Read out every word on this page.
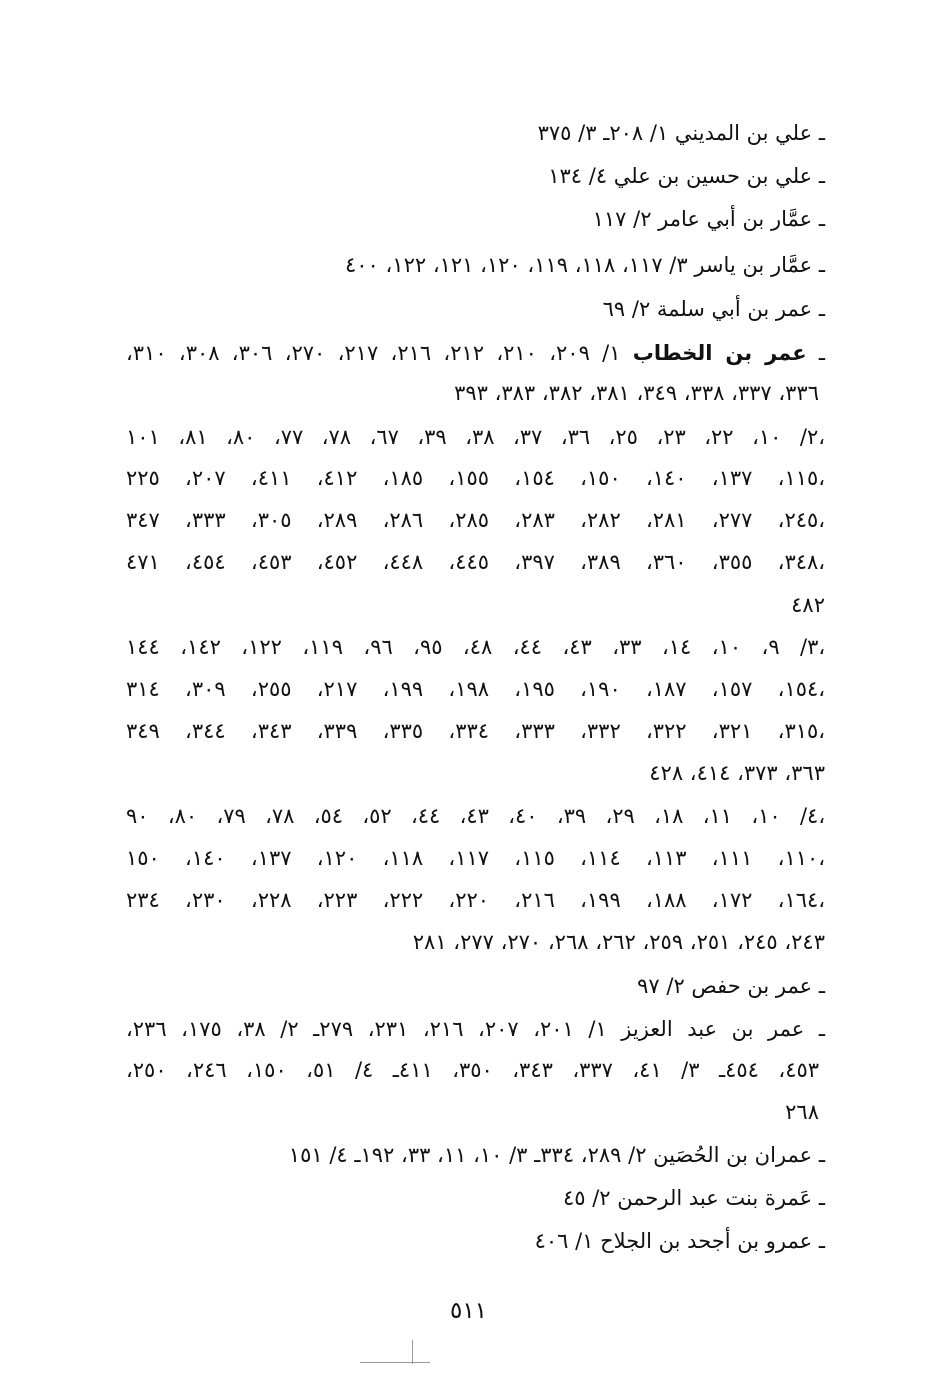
ـ علي بن المديني ١/ ٢٠٨ـ ٣/ ٣٧٥
ـ علي بن حسين بن علي ٤/ ١٣٤
ـ عمَّار بن أبي عامر ٢/ ١١٧
ـ عمَّار بن ياسر ٣/ ١١٧، ١١٨، ١١٩، ١٢٠، ١٢١، ١٢٢، ٤٠٠
ـ عمر بن أبي سلمة ٢/ ٦٩
ـ عمر بن الخطاب ١/ ٢٠٩، ٢١٠، ٢١٢، ٢١٦، ٢١٧، ٢٧٠، ٣٠٦، ٣٠٨، ٣١٠،
٣٣٦، ٣٣٧، ٣٣٨، ٣٤٩، ٣٨١، ٣٨٢، ٣٨٣، ٣٩٣
٢/ ١٠، ٢٢، ٢٣، ٢٥، ٣٦، ٣٧، ٣٨، ٣٩، ٦٧، ٧٨، ٧٧، ٨٠، ٨١، ١٠١،
١١٥، ١٣٧، ١٤٠، ١٥٠، ١٥٤، ١٥٥، ١٨٥، ٤١٢، ٤١١، ٢٠٧، ٢٢٥،
٢٤٥، ٢٧٧، ٢٨١، ٢٨٢، ٢٨٣، ٢٨٥، ٢٨٦، ٢٨٩، ٣٠٥، ٣٣٣، ٣٤٧،
٣٤٨، ٣٥٥، ٣٦٠، ٣٨٩، ٣٩٧، ٤٤٥، ٤٤٨، ٤٥٢، ٤٥٣، ٤٥٤، ٤٧١،
٤٨٢
٣/ ٩، ١٠، ١٤، ٣٣، ٤٣، ٤٤، ٤٨، ٩٥، ٩٦، ١١٩، ١٢٢، ١٤٢، ١٤٤،
١٥٤، ١٥٧، ١٨٧، ١٩٠، ١٩٥، ١٩٨، ١٩٩، ٢١٧، ٢٥٥، ٣٠٩، ٣١٤،
٣١٥، ٣٢١، ٣٢٢، ٣٣٢، ٣٣٣، ٣٣٤، ٣٣٥، ٣٣٩، ٣٤٣، ٣٤٤، ٣٤٩،
٣٦٣، ٣٧٣، ٤١٤، ٤٢٨
٤/ ١٠، ١١، ١٨، ٢٩، ٣٩، ٤٠، ٤٣، ٤٤، ٥٢، ٥٤، ٧٨، ٧٩، ٨٠، ٩٠،
١١٠، ١١١، ١١٣، ١١٤، ١١٥، ١١٧، ١١٨، ١٢٠، ١٣٧، ١٤٠، ١٥٠،
١٦٤، ١٧٢، ١٨٨، ١٩٩، ٢١٦، ٢٢٠، ٢٢٢، ٢٢٣، ٢٢٨، ٢٣٠، ٢٣٤،
٢٤٣، ٢٤٥، ٢٥١، ٢٥٩، ٢٦٢، ٢٦٨، ٢٧٠، ٢٧٧، ٢٨١
ـ عمر بن حفص ٢/ ٩٧
ـ عمر بن عبد العزيز ١/ ٢٠١، ٢٠٧، ٢١٦، ٢٣١، ٢٧٩ـ ٢/ ٣٨، ١٧٥، ٢٣٦،
٤٥٣، ٤٥٤ـ ٣/ ٤١، ٣٣٧، ٣٤٣، ٣٥٠، ٤١١ـ ٤/ ٥١، ١٥٠، ٢٤٦، ٢٥٠،
٢٦٨
ـ عمران بن الحُصَين ٢/ ٢٨٩، ٣٣٤ـ ٣/ ١٠، ١١، ٣٣، ١٩٢ـ ٤/ ١٥١
ـ عَمرة بنت عبد الرحمن ٢/ ٤٥
ـ عمرو بن أجحد بن الجلاح ١/ ٤٠٦
٥١١
